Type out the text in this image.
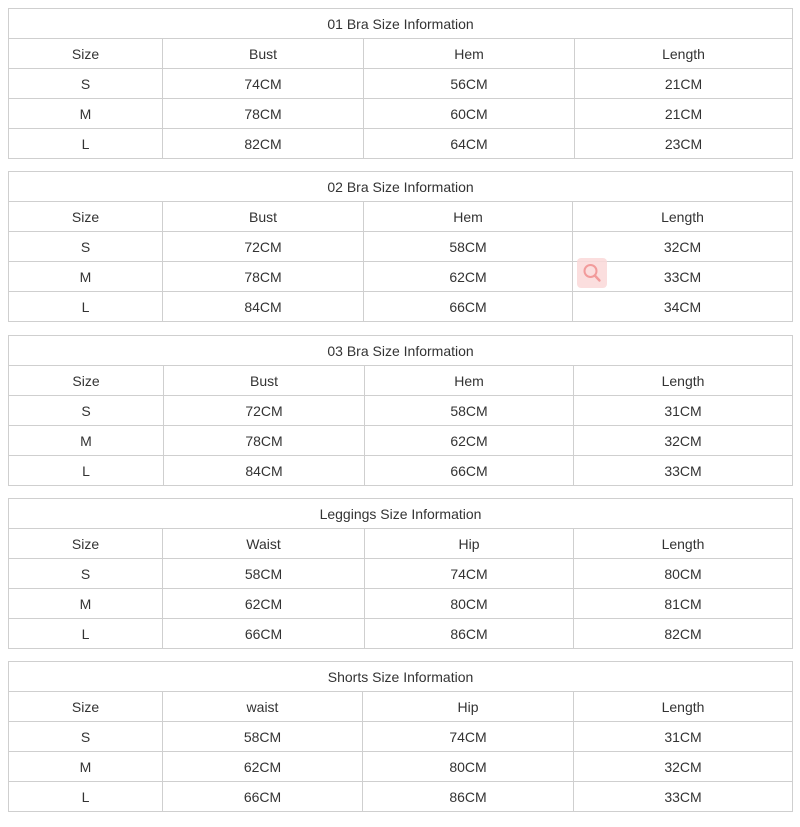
01 Bra Size Information			
Size	Bust	Hem	Length
S	74CM	56CM	21CM
M	78CM	60CM	21CM
L	82CM	64CM	23CM
02 Bra Size Information			
Size	Bust	Hem	Length
S	72CM	58CM	32CM
M	78CM	62CM	33CM
L	84CM	66CM	34CM
03 Bra Size Information			
Size	Bust	Hem	Length
S	72CM	58CM	31CM
M	78CM	62CM	32CM
L	84CM	66CM	33CM
Leggings Size Information			
Size	Waist	Hip	Length
S	58CM	74CM	80CM
M	62CM	80CM	81CM
L	66CM	86CM	82CM
Shorts Size Information			
Size	waist	Hip	Length
S	58CM	74CM	31CM
M	62CM	80CM	32CM
L	66CM	86CM	33CM
